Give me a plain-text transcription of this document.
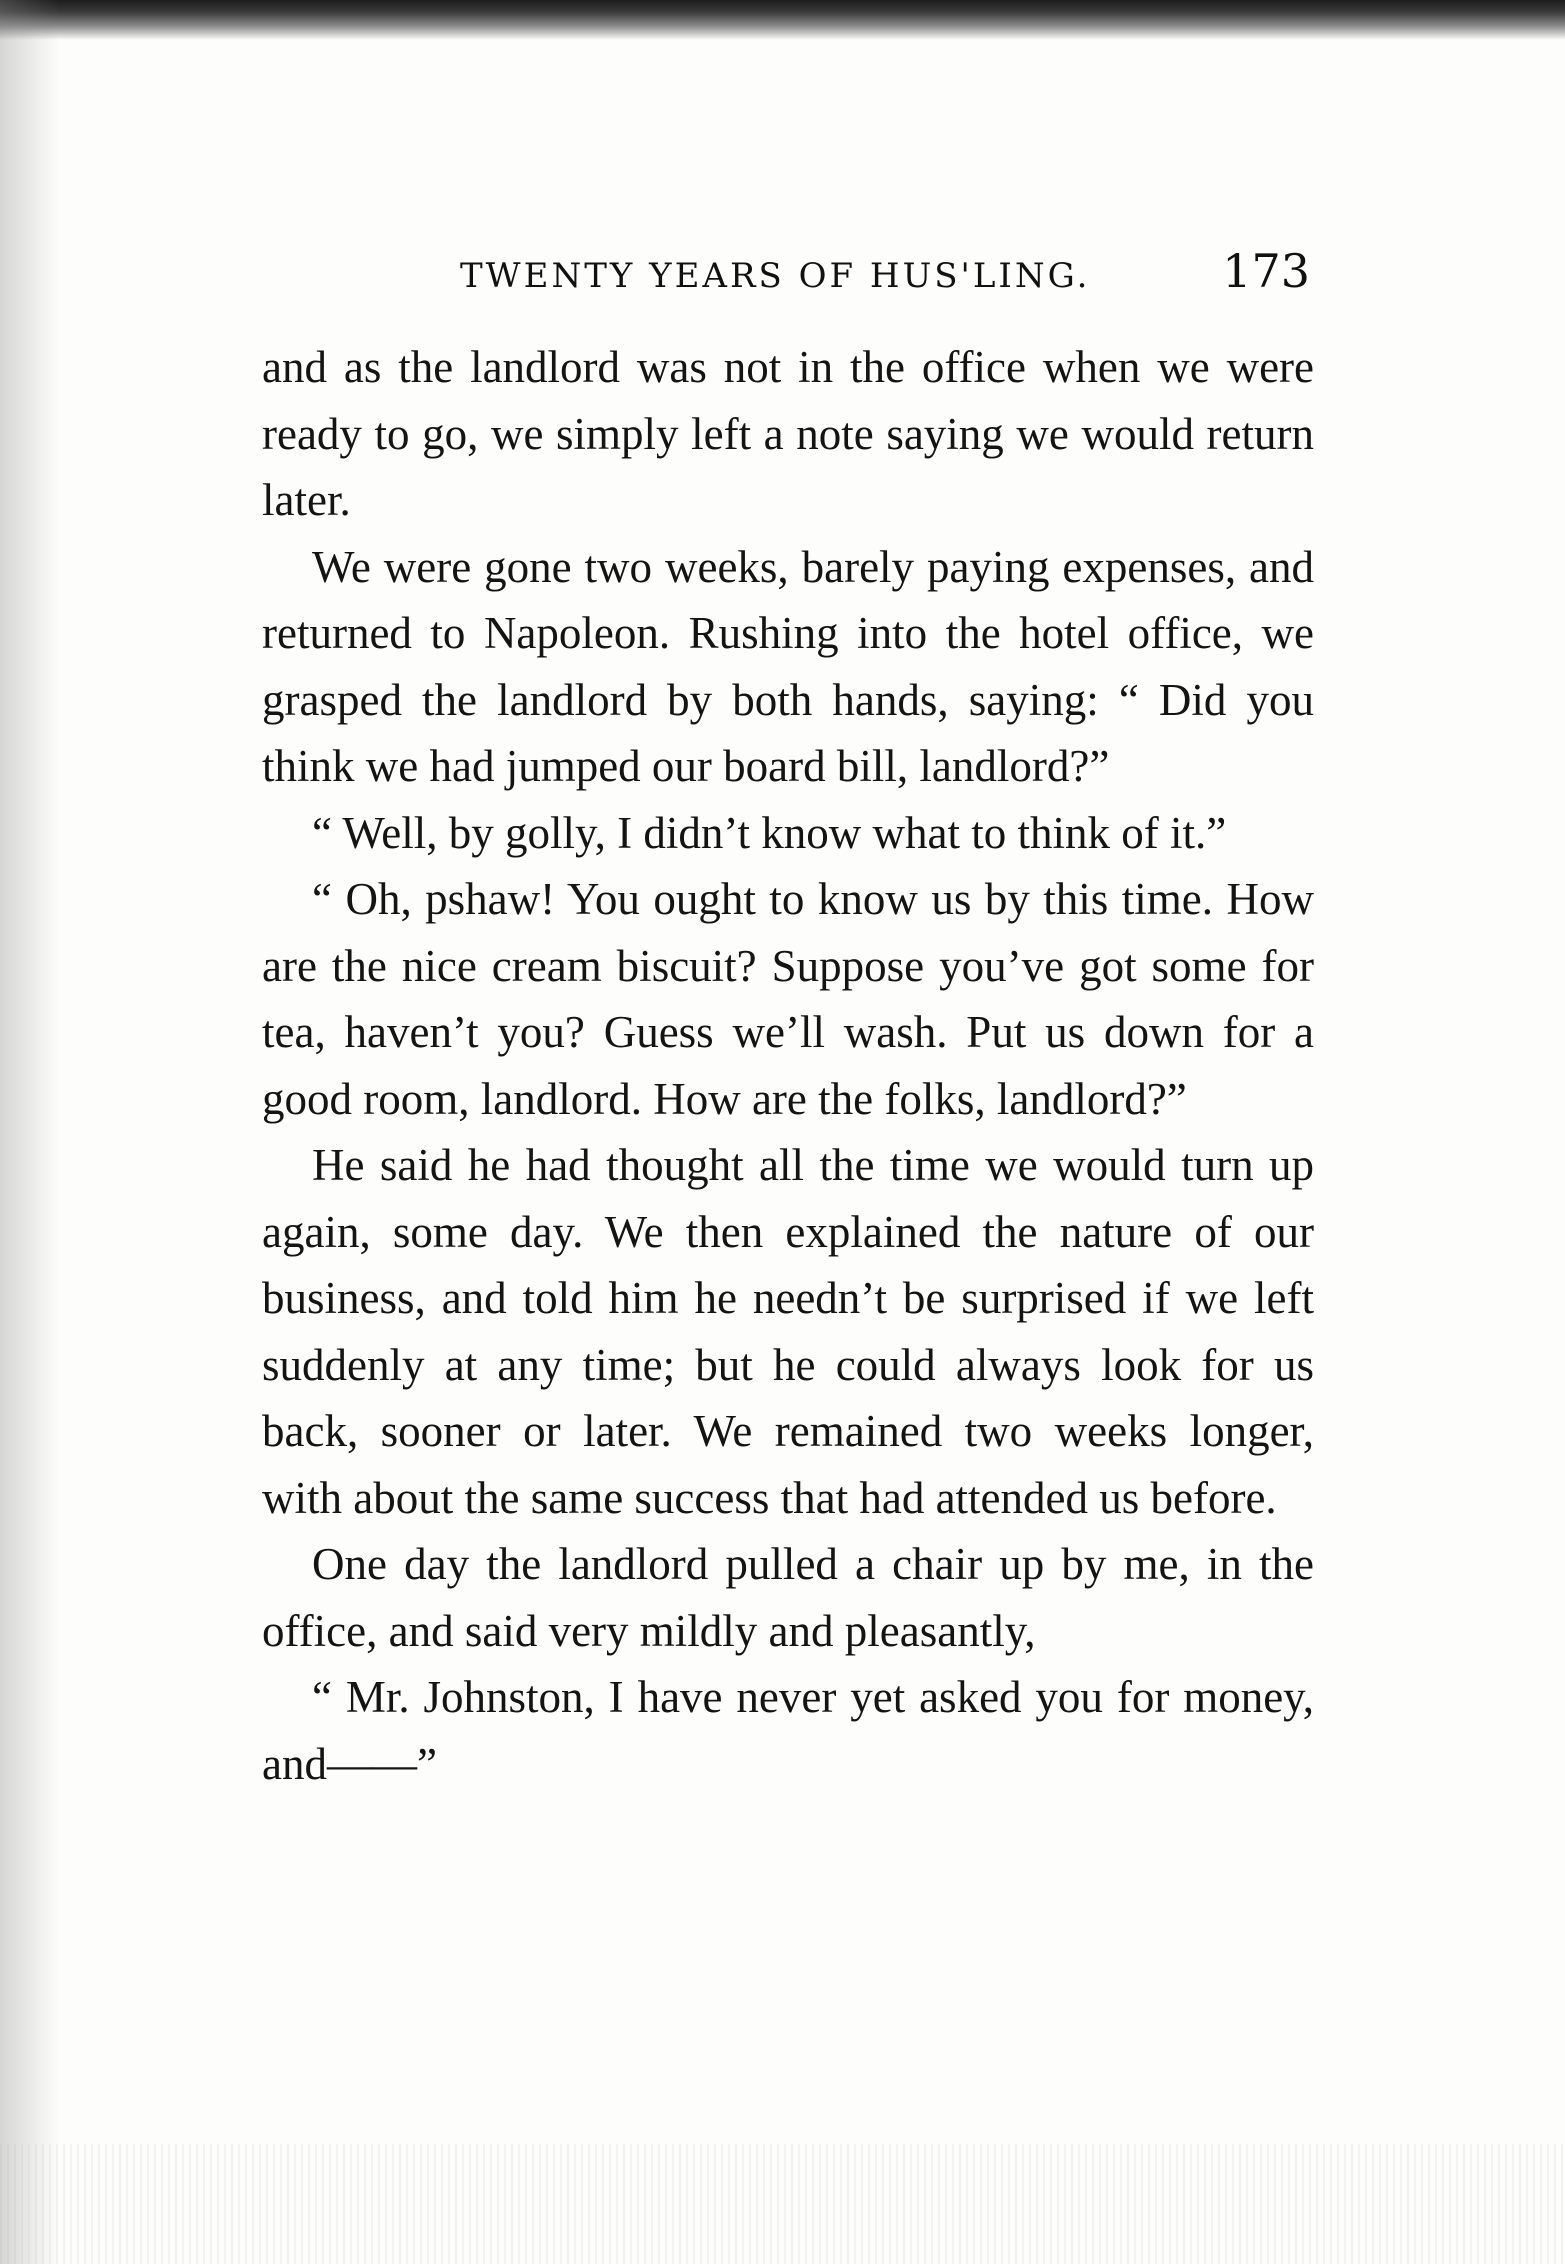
TWENTY YEARS OF HUS'LING.	173

and as the landlord was not in the office when we were ready to go, we simply left a note saying we would return later.

We were gone two weeks, barely paying expenses, and returned to Napoleon. Rushing into the hotel office, we grasped the landlord by both hands, saying: “ Did you think we had jumped our board bill, landlord?”

“ Well, by golly, I didn’t know what to think of it.”

“ Oh, pshaw! You ought to know us by this time. How are the nice cream biscuit? Suppose you’ve got some for tea, haven’t you? Guess we’ll wash. Put us down for a good room, landlord. How are the folks, landlord?”

He said he had thought all the time we would turn up again, some day. We then explained the nature of our business, and told him he needn’t be surprised if we left suddenly at any time; but he could always look for us back, sooner or later. We remained two weeks longer, with about the same success that had attended us before.

One day the landlord pulled a chair up by me, in the office, and said very mildly and pleasantly,

“ Mr. Johnston, I have never yet asked you for money, and——”
